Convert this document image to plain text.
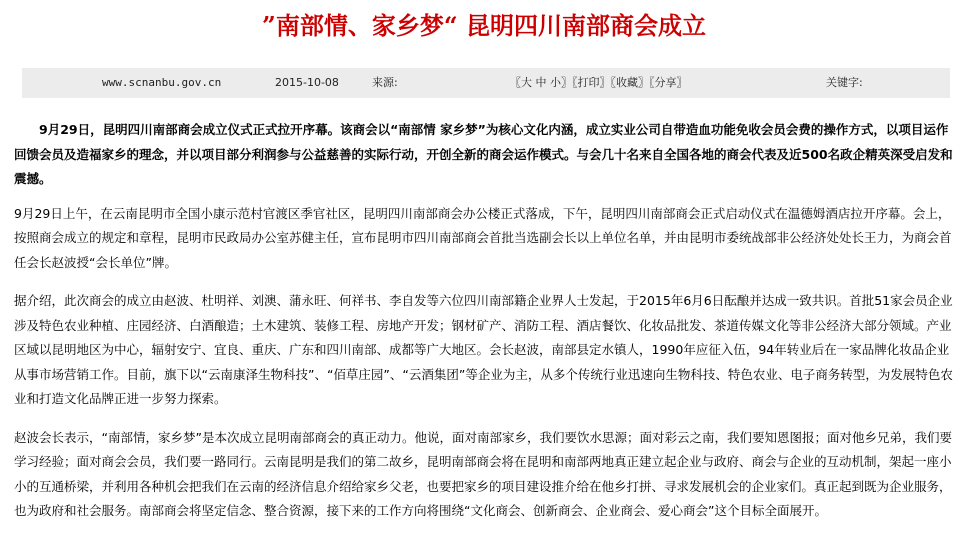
”南部情、家乡梦“ 昆明四川南部商会成立
www.scnanbu.gov.cn	2015-10-08	来源:	〖大 中 小〗〖打印〗〖收藏〗〖分享〗	关键字:

9月29日，昆明四川南部商会成立仪式正式拉开序幕。该商会以“南部情 家乡梦”为核心文化内涵，成立实业公司自带造血功能免收会员会费的操作方式，以项目运作回馈会员及造福家乡的理念，并以项目部分利润参与公益慈善的实际行动，开创全新的商会运作模式。与会几十名来自全国各地的商会代表及近500名政企精英深受启发和震撼。

9月29日上午，在云南昆明市全国小康示范村官渡区季官社区，昆明四川南部商会办公楼正式落成，下午，昆明四川南部商会正式启动仪式在温德姆酒店拉开序幕。会上，按照商会成立的规定和章程，昆明市民政局办公室苏健主任，宣布昆明市四川南部商会首批当选副会长以上单位名单，并由昆明市委统战部非公经济处处长王力，为商会首任会长赵波授“会长单位”牌。

据介绍，此次商会的成立由赵波、杜明祥、刘澳、蒲永旺、何祥书、李自发等六位四川南部籍企业界人士发起，于2015年6月6日酝酿并达成一致共识。首批51家会员企业涉及特色农业种植、庄园经济、白酒酿造；土木建筑、装修工程、房地产开发；钢材矿产、消防工程、酒店餐饮、化妆品批发、茶道传媒文化等非公经济大部分领域。产业区域以昆明地区为中心，辐射安宁、宜良、重庆、广东和四川南部、成都等广大地区。会长赵波，南部县定水镇人，1990年应征入伍，94年转业后在一家品牌化妆品企业从事市场营销工作。目前，旗下以“云南康泽生物科技”、“佰草庄园”、“云酒集团”等企业为主，从多个传统行业迅速向生物科技、特色农业、电子商务转型，为发展特色农业和打造文化品牌正进一步努力探索。

赵波会长表示，“南部情，家乡梦”是本次成立昆明南部商会的真正动力。他说，面对南部家乡，我们要饮水思源；面对彩云之南，我们要知恩图报；面对他乡兄弟，我们要学习经验；面对商会会员，我们要一路同行。云南昆明是我们的第二故乡，昆明南部商会将在昆明和南部两地真正建立起企业与政府、商会与企业的互动机制，架起一座小小的互通桥梁，并利用各种机会把我们在云南的经济信息介绍给家乡父老，也要把家乡的项目建设推介给在他乡打拼、寻求发展机会的企业家们。真正起到既为企业服务，也为政府和社会服务。南部商会将坚定信念、整合资源，接下来的工作方向将围绕“文化商会、创新商会、企业商会、爱心商会”这个目标全面展开。
